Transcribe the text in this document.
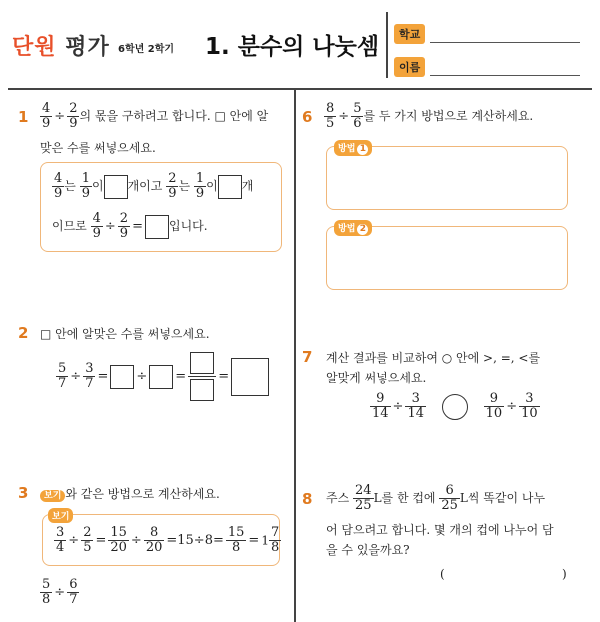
단원 평가 6학년 2학기 1. 분수의 나눗셈	학교
이름
$1 \frac{4}{9} \div \frac{2}{9}$ 의 몫을 구하려고 합니다. □ 안에 알
맞은 수를 써넣으세요.
$\frac{4}{9}$ 는 $\frac{1}{9}$ 이 개이고 $\frac{2}{9}$ 는 $\frac{1}{9}$ 이 개
이므로 $\frac{4}{9} \div \frac{2}{9}$ = 입니다.
2 □ 안에 알맞은 수를 써넣으세요.
$\frac{5}{7} \div \frac{3}{7}$ = ÷ = =
3	보기 와 같은 방법으로 계산하세요.
보기
$\frac{3}{4} \div \frac{2}{5} = \frac{15}{20} \div \frac{8}{20} =15\div 8= \frac{15}{8} = 1 \frac{7}{8}$
$\frac{5}{8} \div \frac{6}{7}$
$6 \frac{8}{5} \div \frac{5}{6}$ 를 두 가지 방법으로 계산하세요.
방법 1
방법 2
7 계산 결과를 비교하여 ○ 안에 >, =, <를
알맞게 써넣으세요.
$\frac{9}{14} \div \frac{3}{14}$
	$\frac{9}{10} \div \frac{3}{10}$
8 주스 $\frac{24}{25}$ L를 한 컵에 $\frac{6}{25}$ L씩 똑같이 나누
어 담으려고 합니다. 몇 개의 컵에 나누어 담
을 수 있을까요?
(	)
